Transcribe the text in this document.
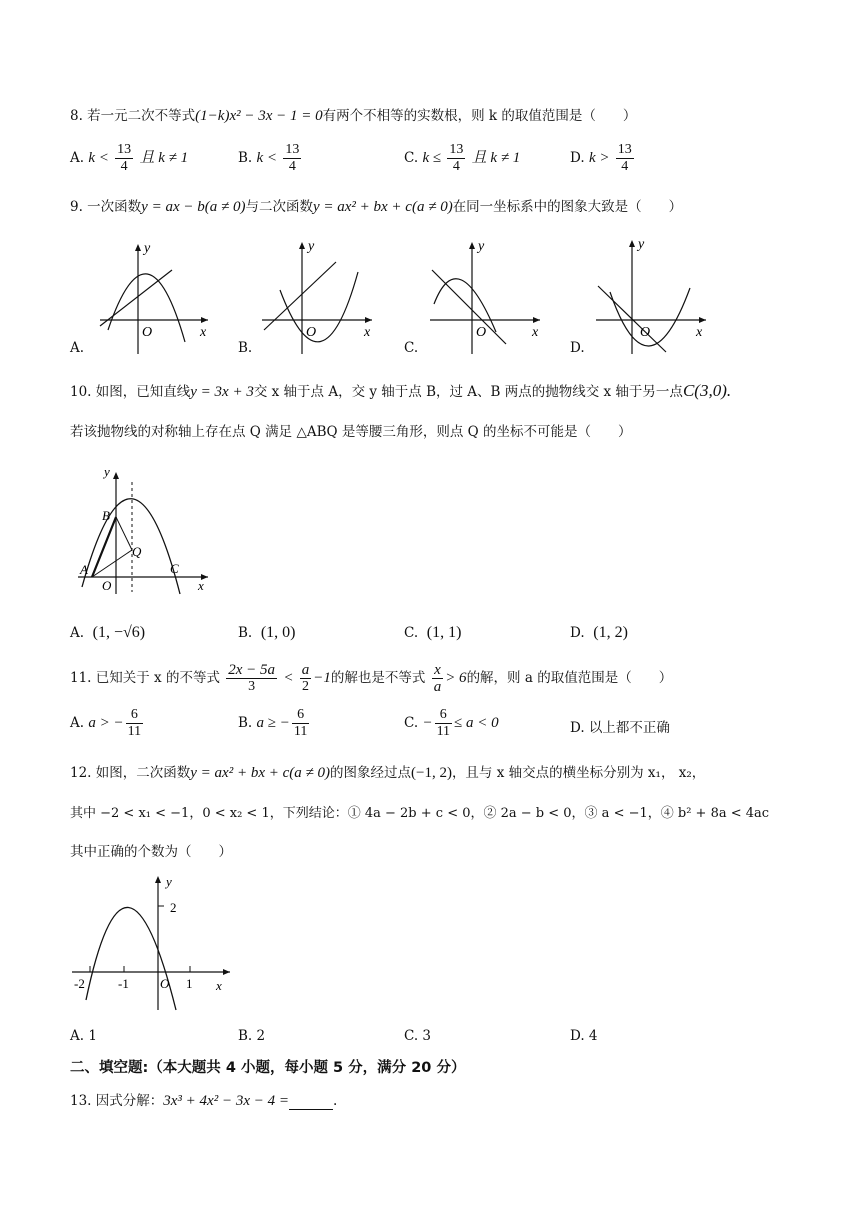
8. 若一元二次不等式(1−k)x² − 3x − 1 = 0有两个不相等的实数根，则 k 的取值范围是（　　）
A. $k < \frac{13}{4}$ 且 k ≠ 1	B. $k < \frac{13}{4}$	C. $k \le \frac{13}{4}$ 且 k ≠ 1	D. $k > \frac{13}{4}$
9. 一次函数y = ax − b(a ≠ 0)与二次函数y = ax² + bx + c(a ≠ 0)在同一坐标系中的图象大致是（　　）
y
x
O
y
x
O
y
x
O
y
x
O
A.	B.	C.	D.
10. 如图，已知直线y = 3x + 3交 x 轴于点 A，交 y 轴于点 B，过 A、B 两点的抛物线交 x 轴于另一点C(3,0).
若该抛物线的对称轴上存在点 Q 满足 △ABQ 是等腰三角形，则点 Q 的坐标不可能是（　　）
y
x
B
A
O
Q
C
A. (1, −√6)	B. (1, 0)	C. (1, 1)	D. (1, 2)
11. 已知关于 x 的不等式 $\frac{2x - 5a}{3} < \frac{a}{2} -1$的解也是不等式 $\frac{x}{a} > 6$的解，则 a 的取值范围是（　　）
A. a > − $\frac{6}{11}$	B. a ≥ − $\frac{6}{11}$	C. − $\frac{6}{11} \le a < 0$	D. 以上都不正确
12. 如图，二次函数y = ax² + bx + c(a ≠ 0)的图象经过点(−1, 2)，且与 x 轴交点的横坐标分别为 x₁， x₂，
其中 −2 < x₁ < −1，0 < x₂ < 1，下列结论：① 4a − 2b + c < 0，② 2a − b < 0，③ a < −1，④ b² + 8a < 4ac
其中正确的个数为（　　）
y
2
-2	-1 O 1 x
A. 1	B. 2	C. 3	D. 4
二、填空题:（本大题共 4 小题，每小题 5 分，满分 20 分）
13. 因式分解：3x³ + 4x² − 3x − 4 =	.
